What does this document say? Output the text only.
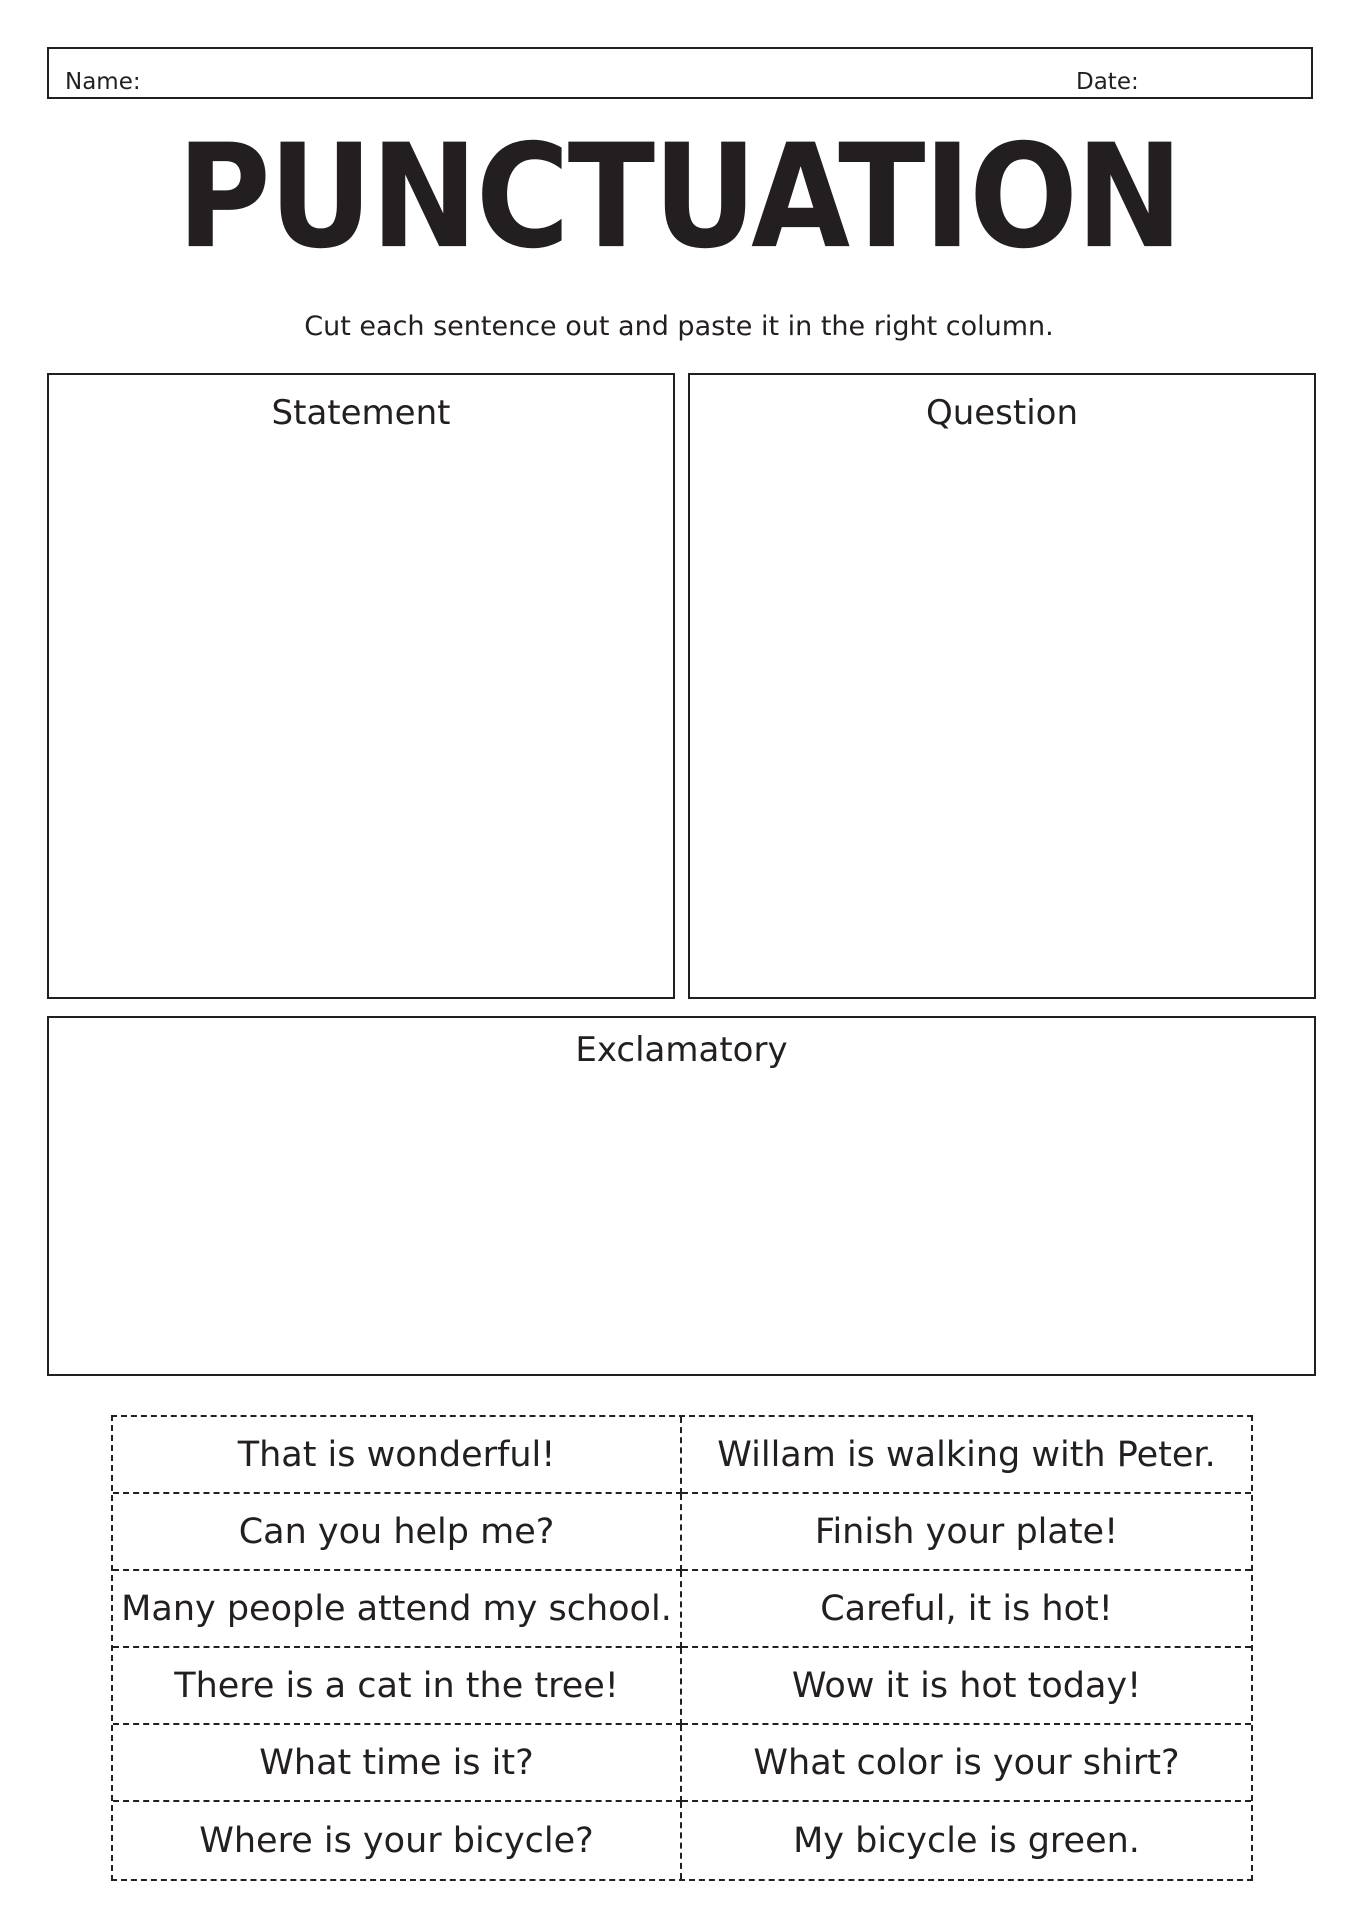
Name:	Date:
PUNCTUATION
Cut each sentence out and paste it in the right column.
Statement	Question
Exclamatory
That is wonderful!	Willam is walking with Peter.
Can you help me?	Finish your plate!
Many people attend my school.	Careful, it is hot!
There is a cat in the tree!	Wow it is hot today!
What time is it?	What color is your shirt?
Where is your bicycle?	My bicycle is green.
